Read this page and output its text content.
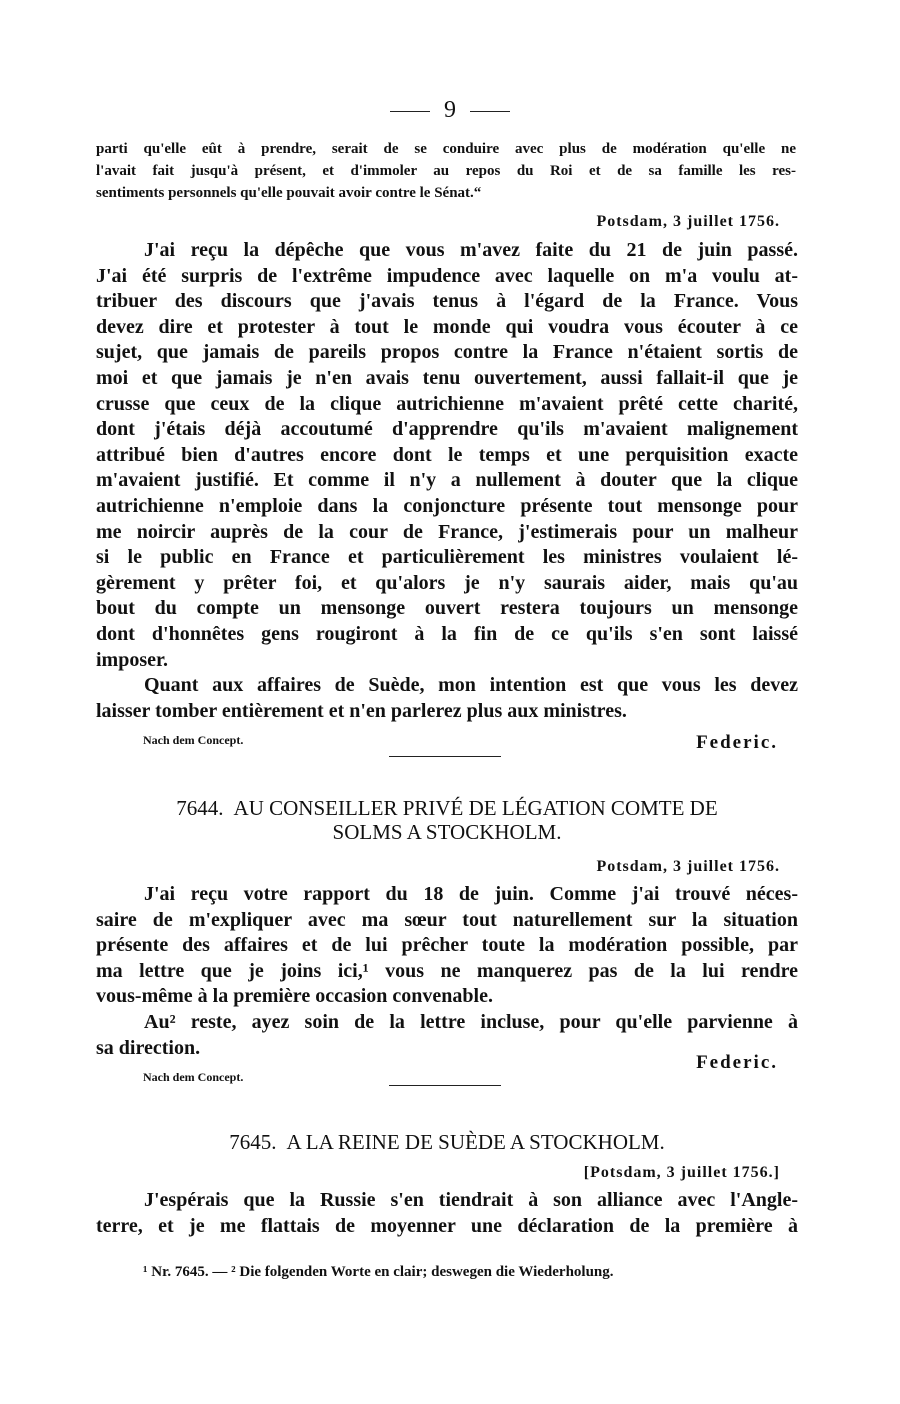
9
parti qu'elle eût à prendre, serait de se conduire avec plus de modération qu'elle ne
l'avait fait jusqu'à présent, et d'immoler au repos du Roi et de sa famille les res-
sentiments personnels qu'elle pouvait avoir contre le Sénat.“
Potsdam, 3 juillet 1756.
J'ai reçu la dépêche que vous m'avez faite du 21 de juin passé.
J'ai été surpris de l'extrême impudence avec laquelle on m'a voulu at-
tribuer des discours que j'avais tenus à l'égard de la France. Vous
devez dire et protester à tout le monde qui voudra vous écouter à ce
sujet, que jamais de pareils propos contre la France n'étaient sortis de
moi et que jamais je n'en avais tenu ouvertement, aussi fallait-il que je
crusse que ceux de la clique autrichienne m'avaient prêté cette charité,
dont j'étais déjà accoutumé d'apprendre qu'ils m'avaient malignement
attribué bien d'autres encore dont le temps et une perquisition exacte
m'avaient justifié. Et comme il n'y a nullement à douter que la clique
autrichienne n'emploie dans la conjoncture présente tout mensonge pour
me noircir auprès de la cour de France, j'estimerais pour un malheur
si le public en France et particulièrement les ministres voulaient lé-
gèrement y prêter foi, et qu'alors je n'y saurais aider, mais qu'au
bout du compte un mensonge ouvert restera toujours un mensonge
dont d'honnêtes gens rougiront à la fin de ce qu'ils s'en sont laissé
imposer.
Quant aux affaires de Suède, mon intention est que vous les devez
laisser tomber entièrement et n'en parlerez plus aux ministres.
Nach dem Concept.	Federic.
7644. AU CONSEILLER PRIVÉ DE LÉGATION COMTE DE
SOLMS A STOCKHOLM.
Potsdam, 3 juillet 1756.
J'ai reçu votre rapport du 18 de juin. Comme j'ai trouvé néces-
saire de m'expliquer avec ma sœur tout naturellement sur la situation
présente des affaires et de lui prêcher toute la modération possible, par
ma lettre que je joins ici,¹ vous ne manquerez pas de la lui rendre
vous-même à la première occasion convenable.
Au² reste, ayez soin de la lettre incluse, pour qu'elle parvienne à
sa direction.
Nach dem Concept.
Federic.
7645. A LA REINE DE SUÈDE A STOCKHOLM.
[Potsdam, 3 juillet 1756.]
J'espérais que la Russie s'en tiendrait à son alliance avec l'Angle-
terre, et je me flattais de moyenner une déclaration de la première à
¹ Nr. 7645. — ² Die folgenden Worte en clair; deswegen die Wiederholung.
